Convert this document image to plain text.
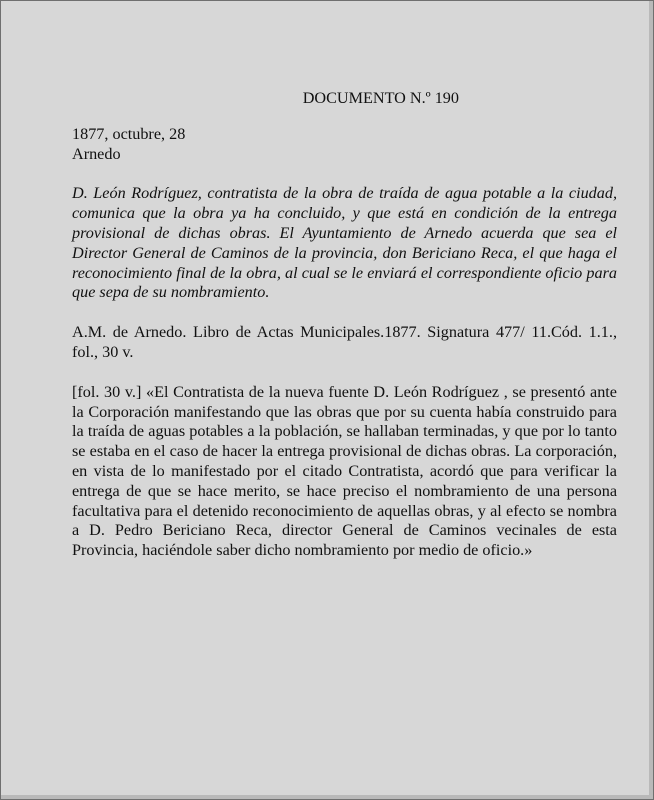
DOCUMENTO N.º 190

1877, octubre, 28

Arnedo

D. León Rodríguez, contratista de la obra de traída de agua potable a la ciudad, comunica que la obra ya ha concluido, y que está en condición de la entrega provisional de dichas obras. El Ayuntamiento de Arnedo acuerda que sea el Director General de Caminos de la provincia, don Bericiano Reca, el que haga el reconocimiento final de la obra, al cual se le enviará el correspondiente oficio para que sepa de su nombramiento.

A.M. de Arnedo. Libro de Actas Municipales.1877. Signatura 477/ 11.Cód. 1.1., fol., 30 v.

[fol. 30 v.] «El Contratista de la nueva fuente D. León Rodríguez , se presentó ante la Corporación manifestando que las obras que por su cuenta había construido para la traída de aguas potables a la población, se hallaban terminadas, y que por lo tanto se estaba en el caso de hacer la entrega provisional de dichas obras. La corporación, en vista de lo manifestado por el citado Contratista, acordó que para verificar la entrega de que se hace merito, se hace preciso el nombramiento de una persona facultativa para el detenido reconocimiento de aquellas obras, y al efecto se nombra a D. Pedro Bericiano Reca, director General de Caminos vecinales de esta Provincia, haciéndole saber dicho nombramiento por medio de oficio.»
